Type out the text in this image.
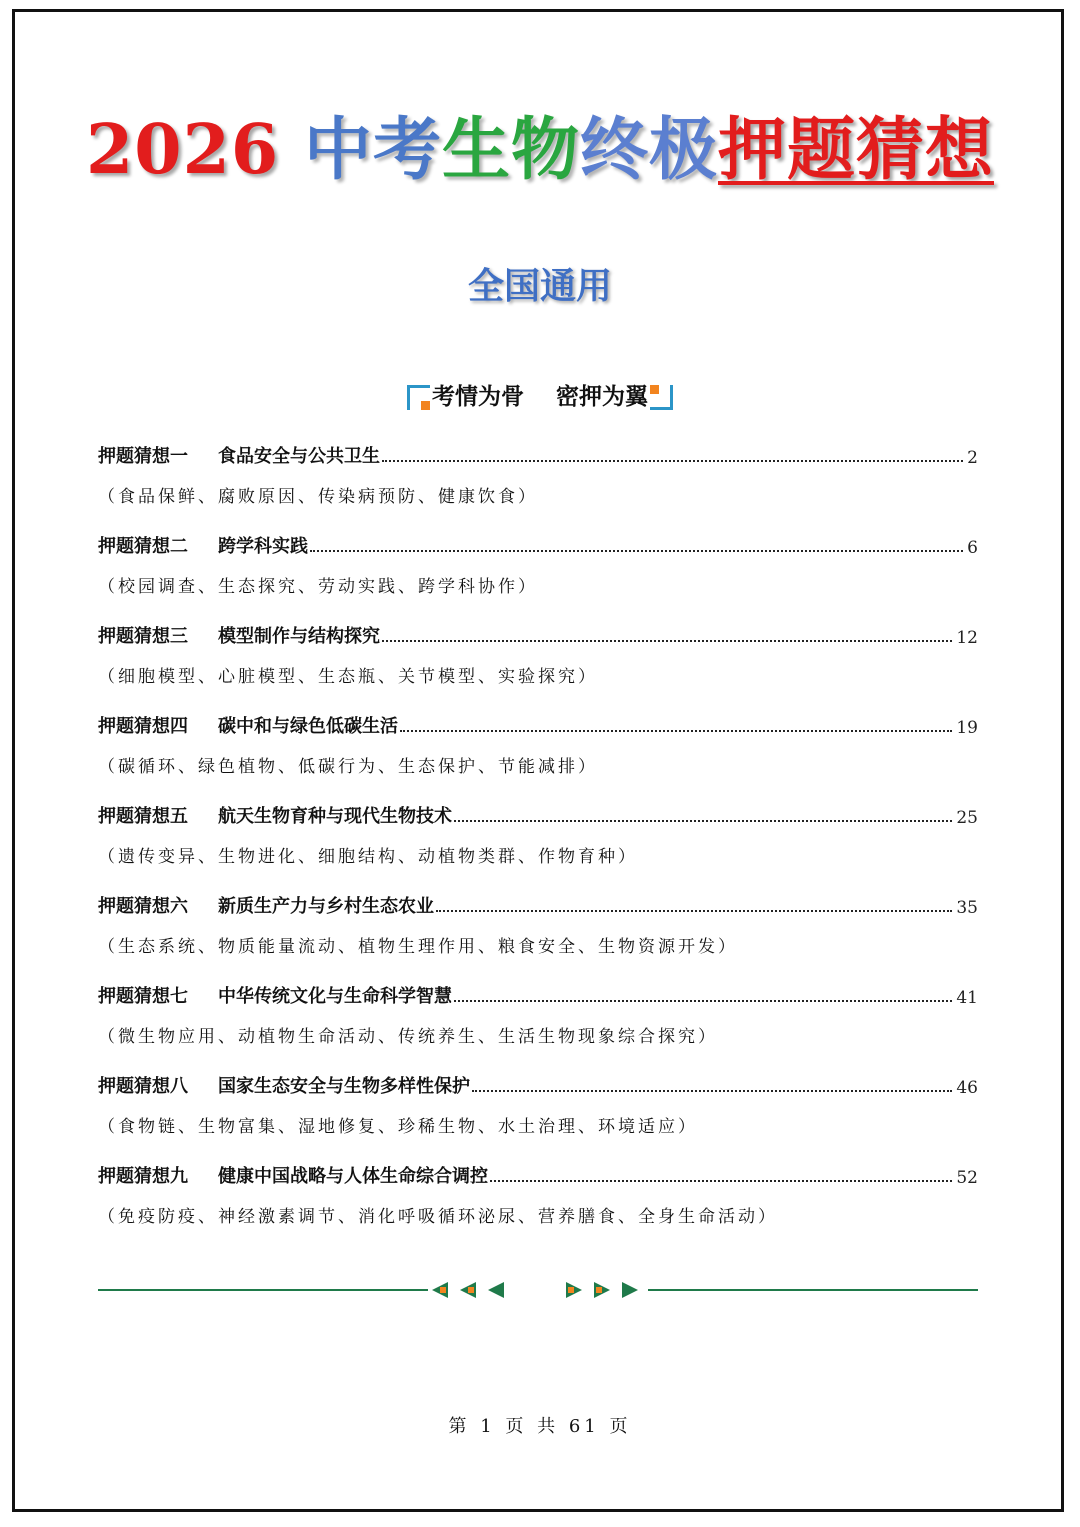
2026 中考生物终极押题猜想
全国通用
考情为骨 密押为翼
押题猜想一	食品安全与公共卫生	2
（食品保鲜、腐败原因、传染病预防、健康饮食）
押题猜想二	跨学科实践	6
（校园调查、生态探究、劳动实践、跨学科协作）
押题猜想三	模型制作与结构探究	12
（细胞模型、心脏模型、生态瓶、关节模型、实验探究）
押题猜想四	碳中和与绿色低碳生活	19
（碳循环、绿色植物、低碳行为、生态保护、节能减排）
押题猜想五	航天生物育种与现代生物技术	25
（遗传变异、生物进化、细胞结构、动植物类群、作物育种）
押题猜想六	新质生产力与乡村生态农业	35
（生态系统、物质能量流动、植物生理作用、粮食安全、生物资源开发）
押题猜想七	中华传统文化与生命科学智慧	41
（微生物应用、动植物生命活动、传统养生、生活生物现象综合探究）
押题猜想八	国家生态安全与生物多样性保护	46
（食物链、生物富集、湿地修复、珍稀生物、水土治理、环境适应）
押题猜想九	健康中国战略与人体生命综合调控	52
（免疫防疫、神经激素调节、消化呼吸循环泌尿、营养膳食、全身生命活动）
第 1 页 共 61 页
